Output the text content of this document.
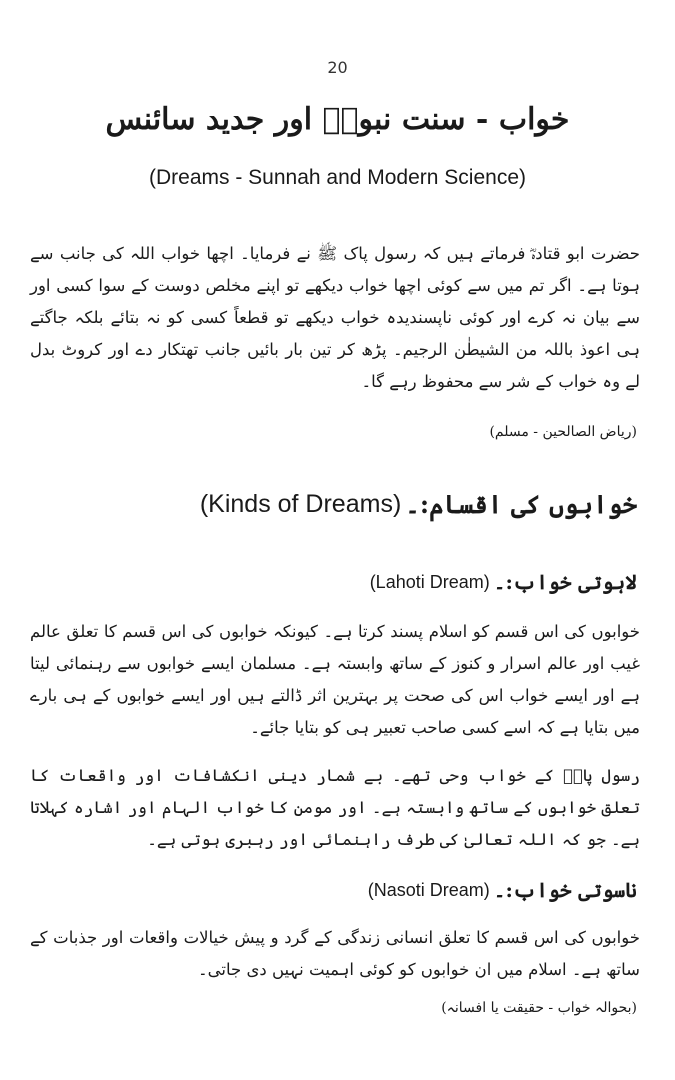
20
خواب - سنت نبویؐ اور جدید سائنس
(Dreams - Sunnah and Modern Science)
حضرت ابو قتادہؓ فرماتے ہیں کہ رسول پاک ﷺ نے فرمایا۔ اچھا خواب اللہ کی جانب سے ہوتا ہے۔ اگر تم میں سے کوئی اچھا خواب دیکھے تو اپنے مخلص دوست کے سوا کسی اور سے بیان نہ کرے اور کوئی ناپسندیدہ خواب دیکھے تو قطعاً کسی کو نہ بتائے بلکہ جاگتے ہی اعوذ باللہ من الشیطٰن الرجیم۔ پڑھ کر تین بار بائیں جانب تھتکار دے اور کروٹ بدل لے وہ خواب کے شر سے محفوظ رہے گا۔
(ریاض الصالحین - مسلم)
خوابوں کی اقسام:۔
(Kinds of Dreams)
لاہوتی خواب:۔
(Lahoti Dream)
خوابوں کی اس قسم کو اسلام پسند کرتا ہے۔ کیونکہ خوابوں کی اس قسم کا تعلق عالم غیب اور عالم اسرار و کنوز کے ساتھ وابستہ ہے۔ مسلمان ایسے خوابوں سے رہنمائی لیتا ہے اور ایسے خواب اس کی صحت پر بہترین اثر ڈالتے ہیں اور ایسے خوابوں کے ہی بارے میں بتایا ہے کہ اسے کسی صاحب تعبیر ہی کو بتایا جائے۔
رسول پاکؐ کے خواب وحی تھے۔ بے شمار دینی انکشافات اور واقعات کا تعلق خوابوں کے ساتھ وابستہ ہے۔ اور مومن کا خواب الہام اور اشارہ کہلاتا ہے۔ جو کہ اللہ تعالیٰ کی طرف راہنمائی اور رہبری ہوتی ہے۔
ناسوتی خواب:۔
(Nasoti Dream)
خوابوں کی اس قسم کا تعلق انسانی زندگی کے گرد و پیش خیالات واقعات اور جذبات کے ساتھ ہے۔ اسلام میں ان خوابوں کو کوئی اہمیت نہیں دی جاتی۔
(بحوالہ خواب - حقیقت یا افسانہ)
